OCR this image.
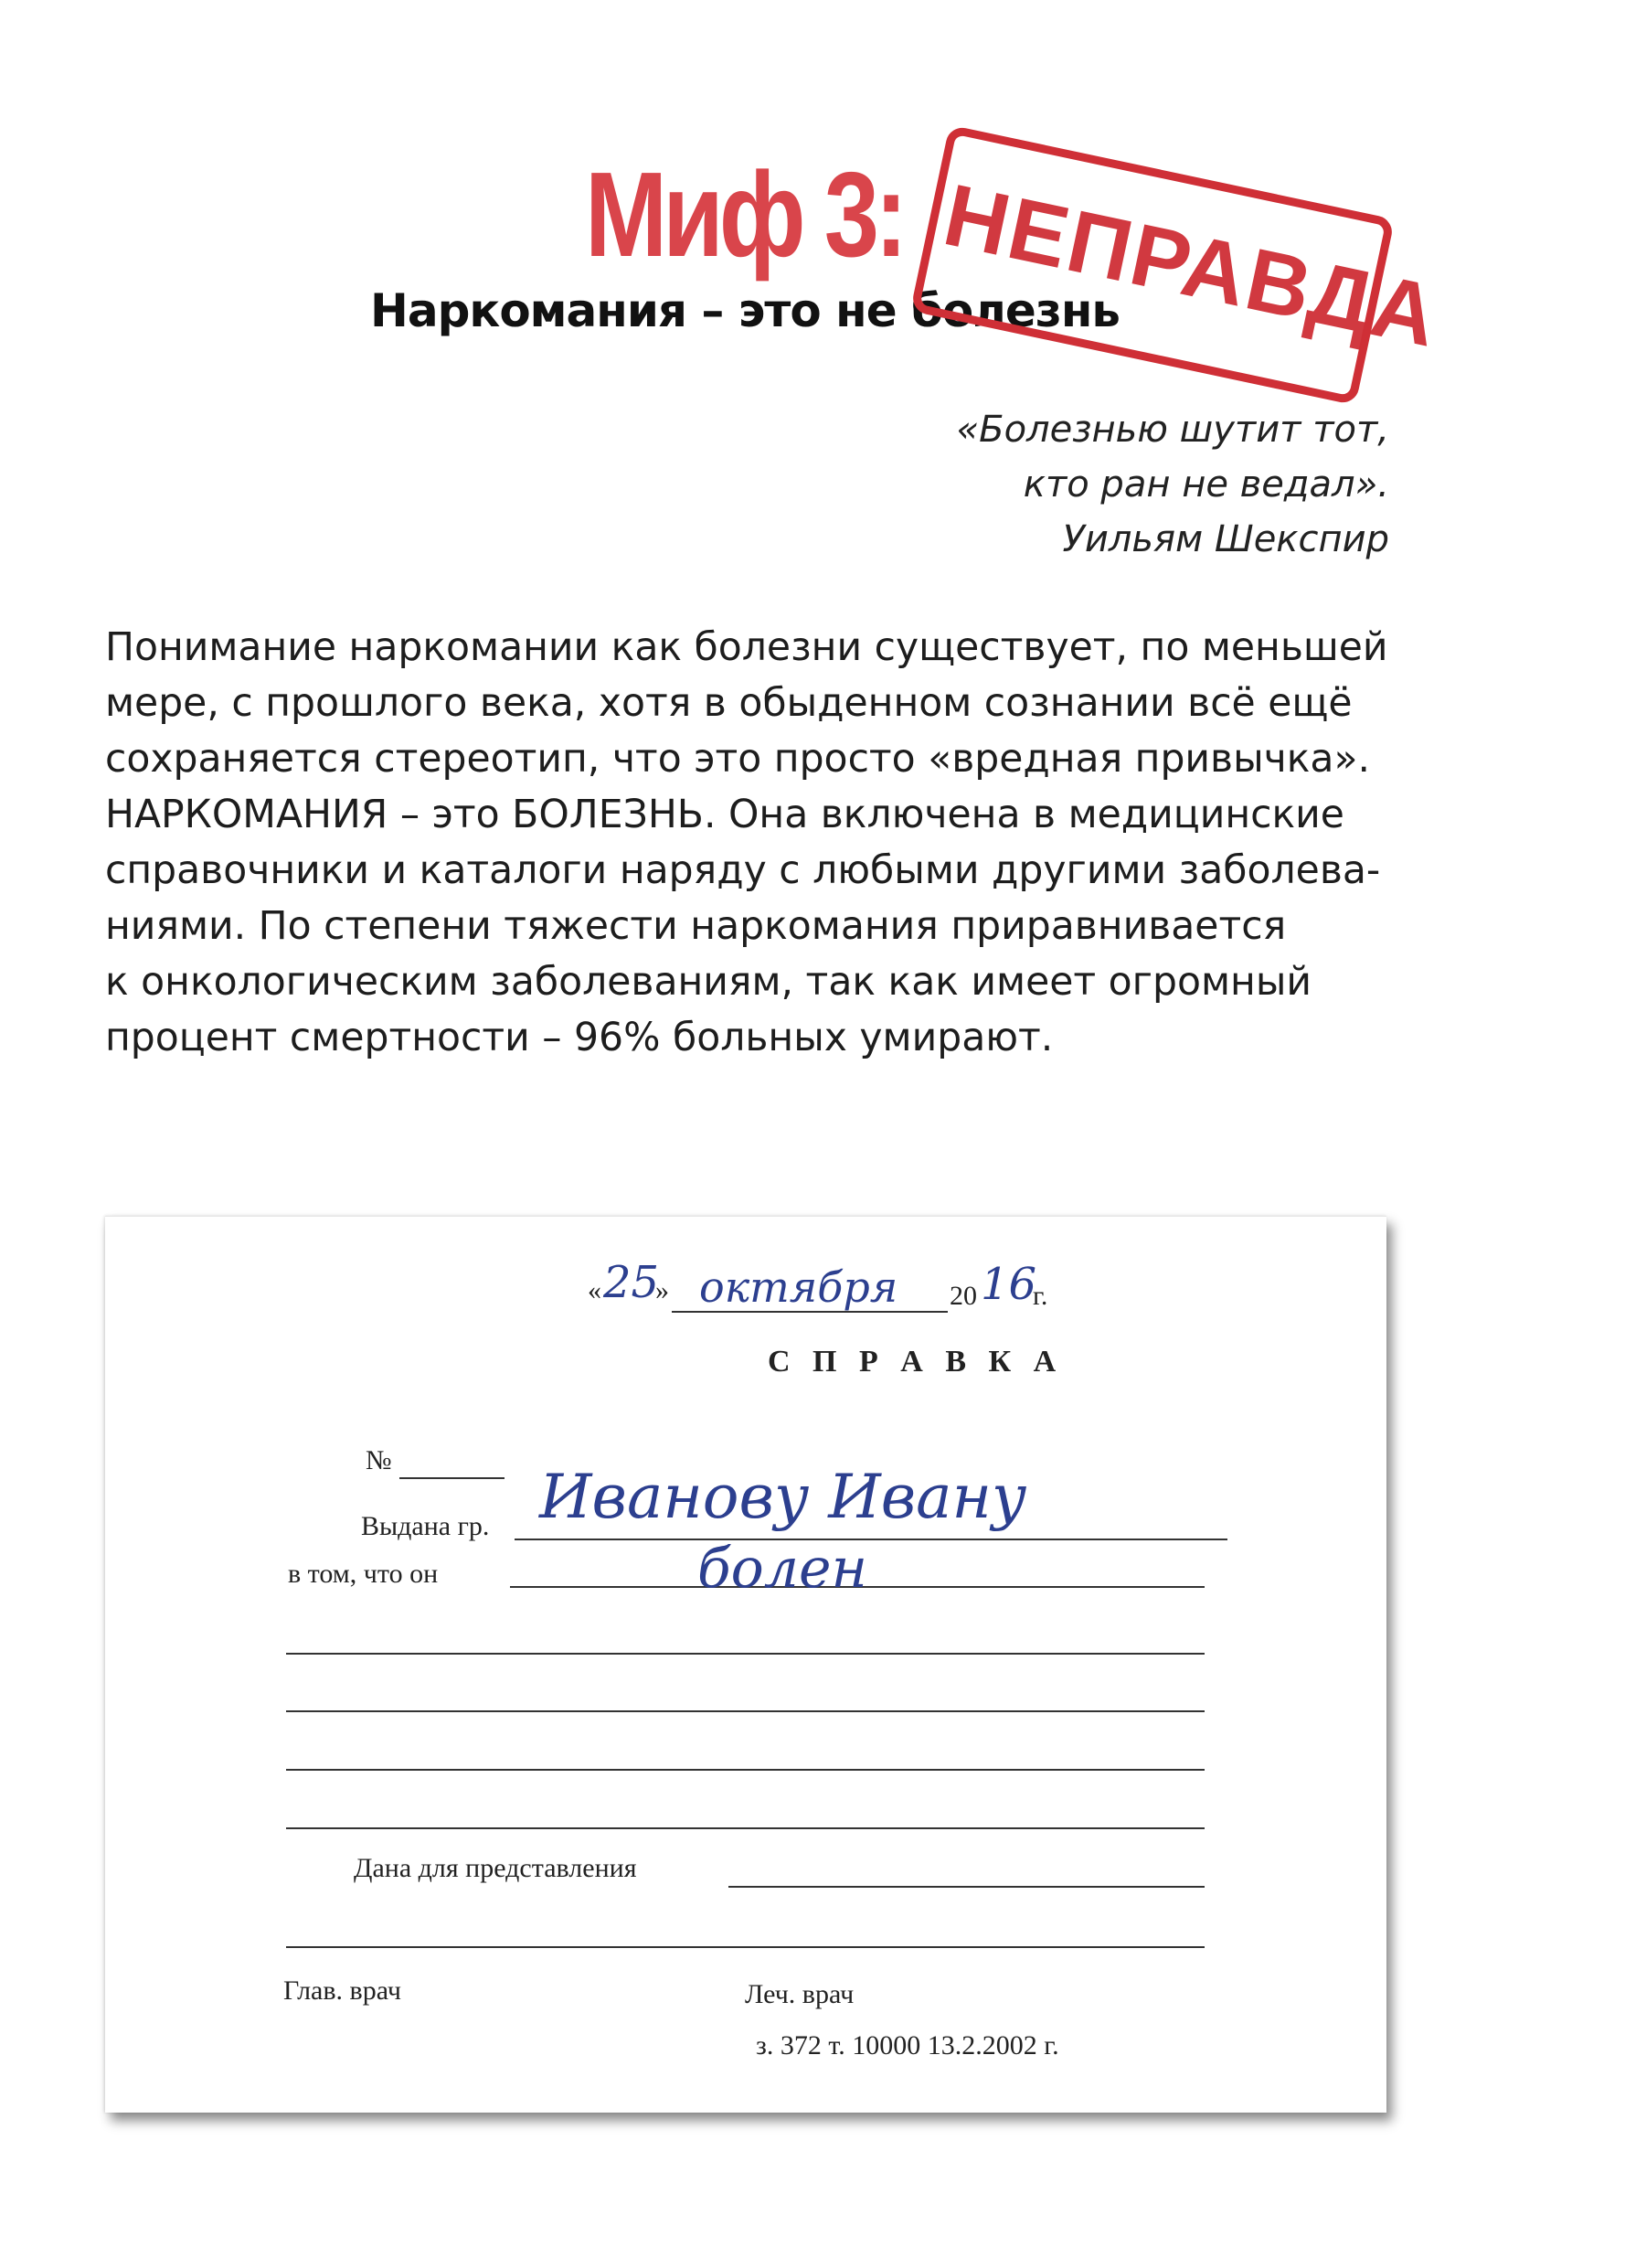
Миф 3:
Наркомания – это не болезнь
НЕПРАВДА
«Болезнью шутит тот,
кто ран не ведал».
Уильям Шекспир
Понимание наркомании как болезни существует, по меньшей
мере, с прошлого века, хотя в обыденном сознании всё ещё
сохраняется стереотип, что это просто «вредная привычка».
НАРКОМАНИЯ – это БОЛЕЗНЬ. Она включена в медицинские
справочники и каталоги наряду с любыми другими заболева-
ниями. По степени тяжести наркомания приравнивается
к онкологическим заболеваниям, так как имеет огромный
процент смертности – 96% больных умирают.
« 25
» октября 20 16
г.
С П Р А В К А
№
Выдана гр. Иванову Ивану
в том, что он	болен
Дана для представления
Глав. врач	Леч. врач
з. 372 т. 10000 13.2.2002 г.
